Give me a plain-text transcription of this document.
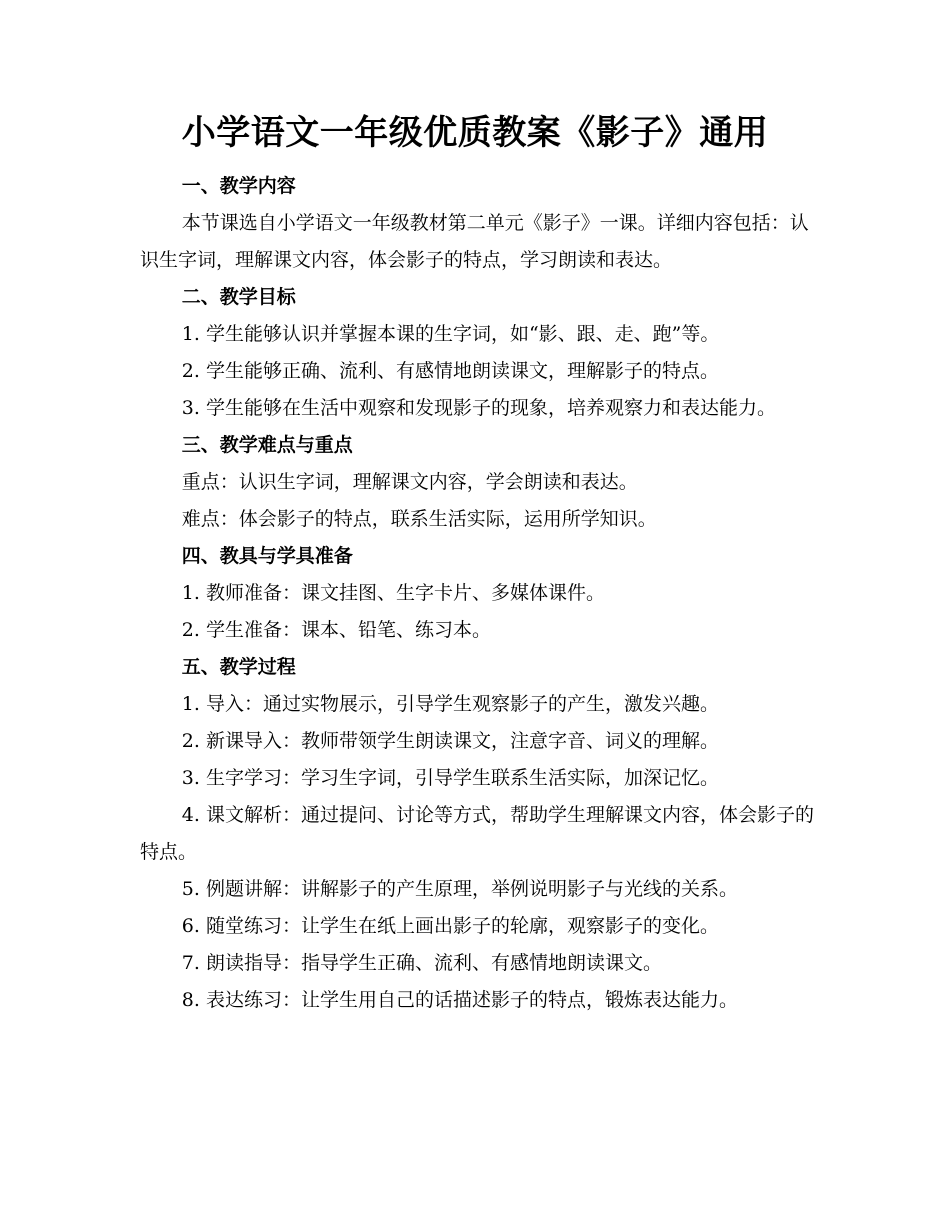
小学语文一年级优质教案《影子》通用
一、教学内容

本节课选自小学语文一年级教材第二单元《影子》一课。详细内容包括：认识生字词，理解课文内容，体会影子的特点，学习朗读和表达。

二、教学目标

1. 学生能够认识并掌握本课的生字词，如“影、跟、走、跑”等。

2. 学生能够正确、流利、有感情地朗读课文，理解影子的特点。

3. 学生能够在生活中观察和发现影子的现象，培养观察力和表达能力。

三、教学难点与重点

重点：认识生字词，理解课文内容，学会朗读和表达。

难点：体会影子的特点，联系生活实际，运用所学知识。

四、教具与学具准备

1. 教师准备：课文挂图、生字卡片、多媒体课件。

2. 学生准备：课本、铅笔、练习本。

五、教学过程

1. 导入：通过实物展示，引导学生观察影子的产生，激发兴趣。

2. 新课导入：教师带领学生朗读课文，注意字音、词义的理解。

3. 生字学习：学习生字词，引导学生联系生活实际，加深记忆。

4. 课文解析：通过提问、讨论等方式，帮助学生理解课文内容，体会影子的特点。

5. 例题讲解：讲解影子的产生原理，举例说明影子与光线的关系。

6. 随堂练习：让学生在纸上画出影子的轮廓，观察影子的变化。

7. 朗读指导：指导学生正确、流利、有感情地朗读课文。

8. 表达练习：让学生用自己的话描述影子的特点，锻炼表达能力。
